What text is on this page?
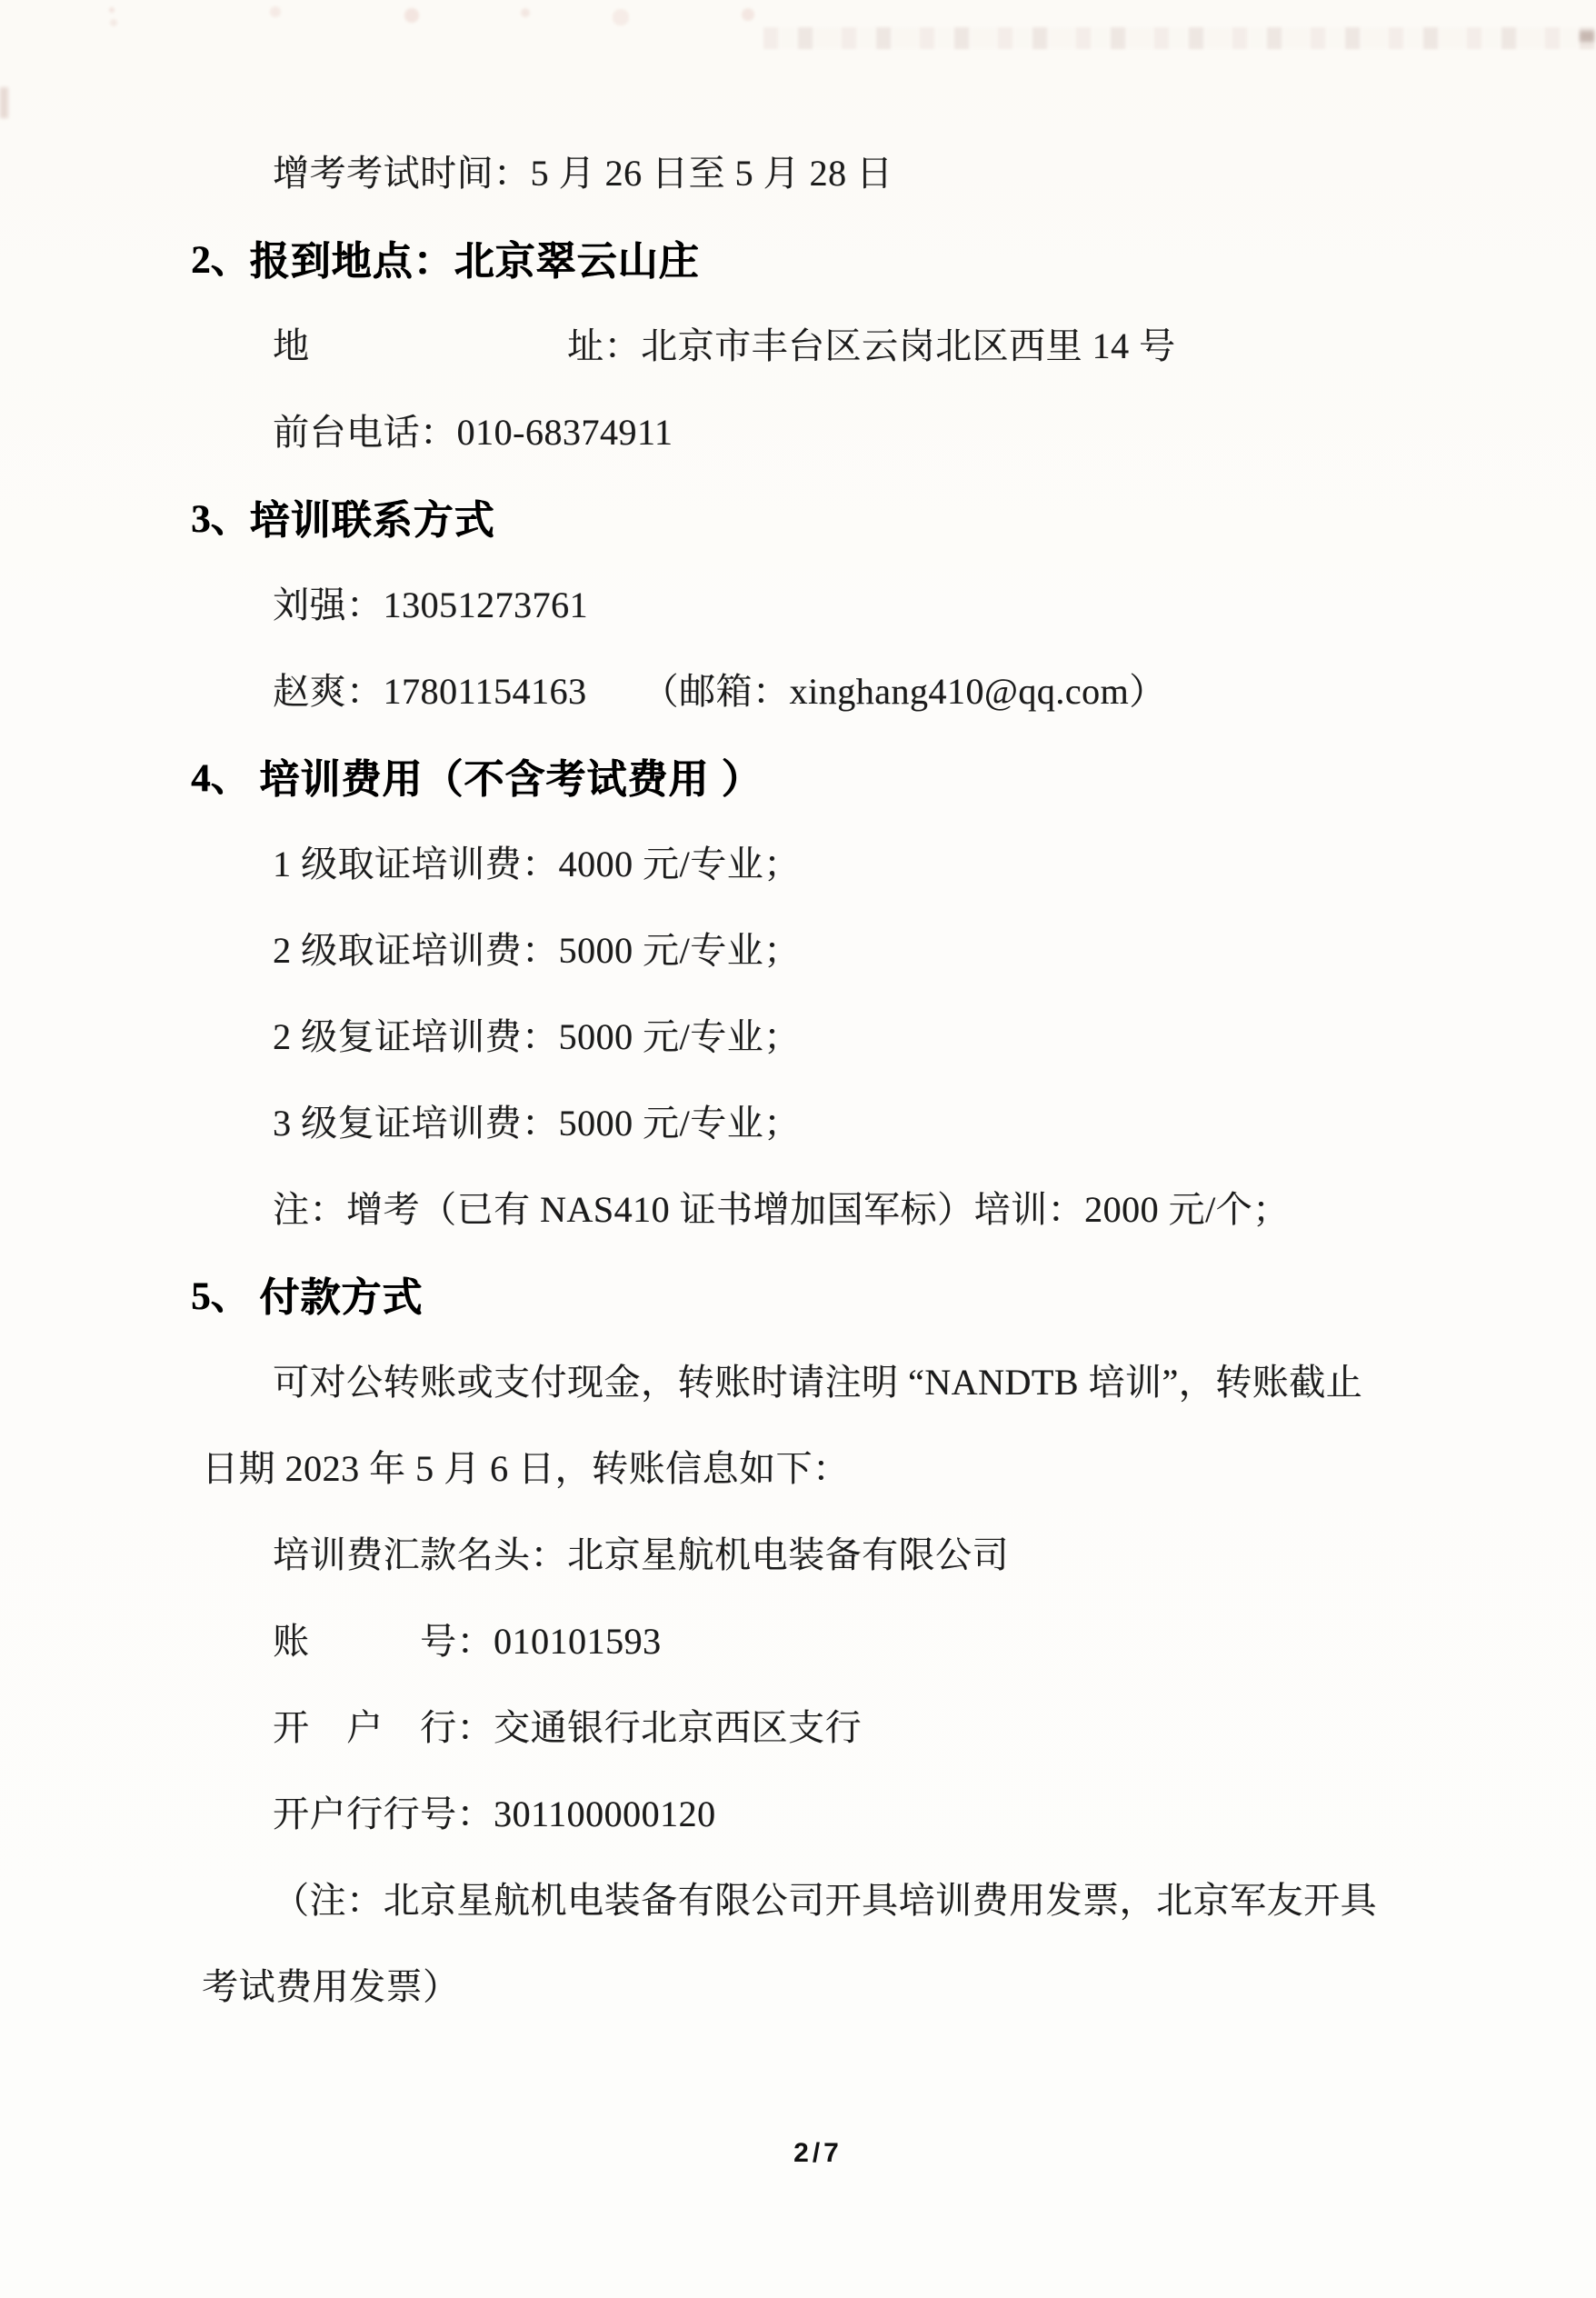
增考考试时间：5 月 26 日至 5 月 28 日
2、 报到地点：北京翠云山庄
地　　　　　　　址：北京市丰台区云岗北区西里 14 号
前台电话：010-68374911
3、 培训联系方式
刘强：13051273761
赵爽：17801154163　　（邮箱：xinghang410@qq.com）
4、 培训费用（不含考试费用 ）
1 级取证培训费：4000 元/专业；
2 级取证培训费：5000 元/专业；
2 级复证培训费：5000 元/专业；
3 级复证培训费：5000 元/专业；
注：增考（已有 NAS410 证书增加国军标）培训：2000 元/个；
5、 付款方式
可对公转账或支付现金，转账时请注明 “NANDTB 培训”，转账截止
日期 2023 年 5 月 6 日，转账信息如下：
培训费汇款名头：北京星航机电装备有限公司
账　　　号：010101593
开　户　行：交通银行北京西区支行
开户行行号：301100000120
（注：北京星航机电装备有限公司开具培训费用发票，北京军友开具
考试费用发票）
2/7
